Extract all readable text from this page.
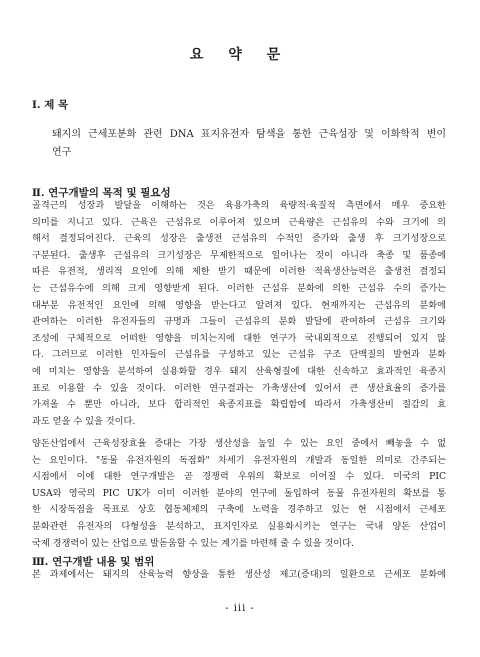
요 약 문
Ⅰ. 제 목
돼지의 근세포분화 관련 DNA 표지유전자 탐색을 통한 근육성장 및 이화학적 변이
연구
Ⅱ. 연구개발의 목적 및 필요성
골격근의 성장과 발달을 이해하는 것은 육용가축의 육량적·육질적 측면에서 매우 중요한
의미를 지니고 있다. 근육은 근섬유로 이루어져 있으며 근육량은 근섬유의 수와 크기에 의
해서 결정되어진다. 근육의 성장은 출생전 근섬유의 수적인 증가와 출생 후 크기성장으로
구분된다. 출생후 근섬유의 크기성장은 무제한적으로 일어나는 것이 아니라 축종 및 품종에
따른 유전적, 생리적 요인에 의해 제한 받기 때문에 이러한 적육생산능력은 출생전 결정되
는 근섬유수에 의해 크게 영향받게 된다. 이러한 근섬유 분화에 의한 근섬유 수의 증가는
대부분 유전적인 요인에 의해 영향을 받는다고 알려져 있다. 현재까지는 근섬유의 분화에
관여하는 이러한 유전자들의 규명과 그들이 근섬유의 분화 발달에 관여하여 근섬유 크기와
조성에 구체적으로 어떠한 영향을 미치는지에 대한 연구가 국내외적으로 진행되어 있지 않
다. 그러므로 이러한 인자들이 근섬유를 구성하고 있는 근섬유 구조 단백질의 발현과 분화
에 미치는 영향을 분석하여 실용화할 경우 돼지 산육형질에 대한 신속하고 효과적인 육종지
표로 이용할 수 있을 것이다. 이러한 연구결과는 가축생산에 있어서 큰 생산효율의 증가를
가져올 수 뿐만 아니라, 보다 합리적인 육종지표를 확립함에 따라서 가축생산비 절감의 효
과도 얻을 수 있을 것이다.
양돈산업에서 근육성장효율 증대는 가장 생산성을 높일 수 있는 요인 중에서 빼놓을 수 없
는 요인이다. "동물 유전자원의 독점화" 차세기 유전자원의 개발과 동일한 의미로 간주되는
시점에서 이에 대한 연구개발은 곧 경쟁력 우위의 확보로 이어질 수 있다. 미국의 PIC
USA와 영국의 PIC UK가 이미 이러한 분야의 연구에 돌입하여 동물 유전자원의 확보를 통
한 시장독점을 목표로 상호 협동체제의 구축에 노력을 경주하고 있는 현 시점에서 근세포
분화관련 유전자의 다형성을 분석하고, 표지인자로 실용화시키는 연구는 국내 양돈 산업이
국제 경쟁력이 있는 산업으로 발돋움할 수 있는 계기를 마련해 줄 수 있을 것이다.
Ⅲ. 연구개발 내용 및 범위
본 과제에서는 돼지의 산육능력 향상을 통한 생산성 제고(증대)의 일환으로 근세포 분화에
- iii -
